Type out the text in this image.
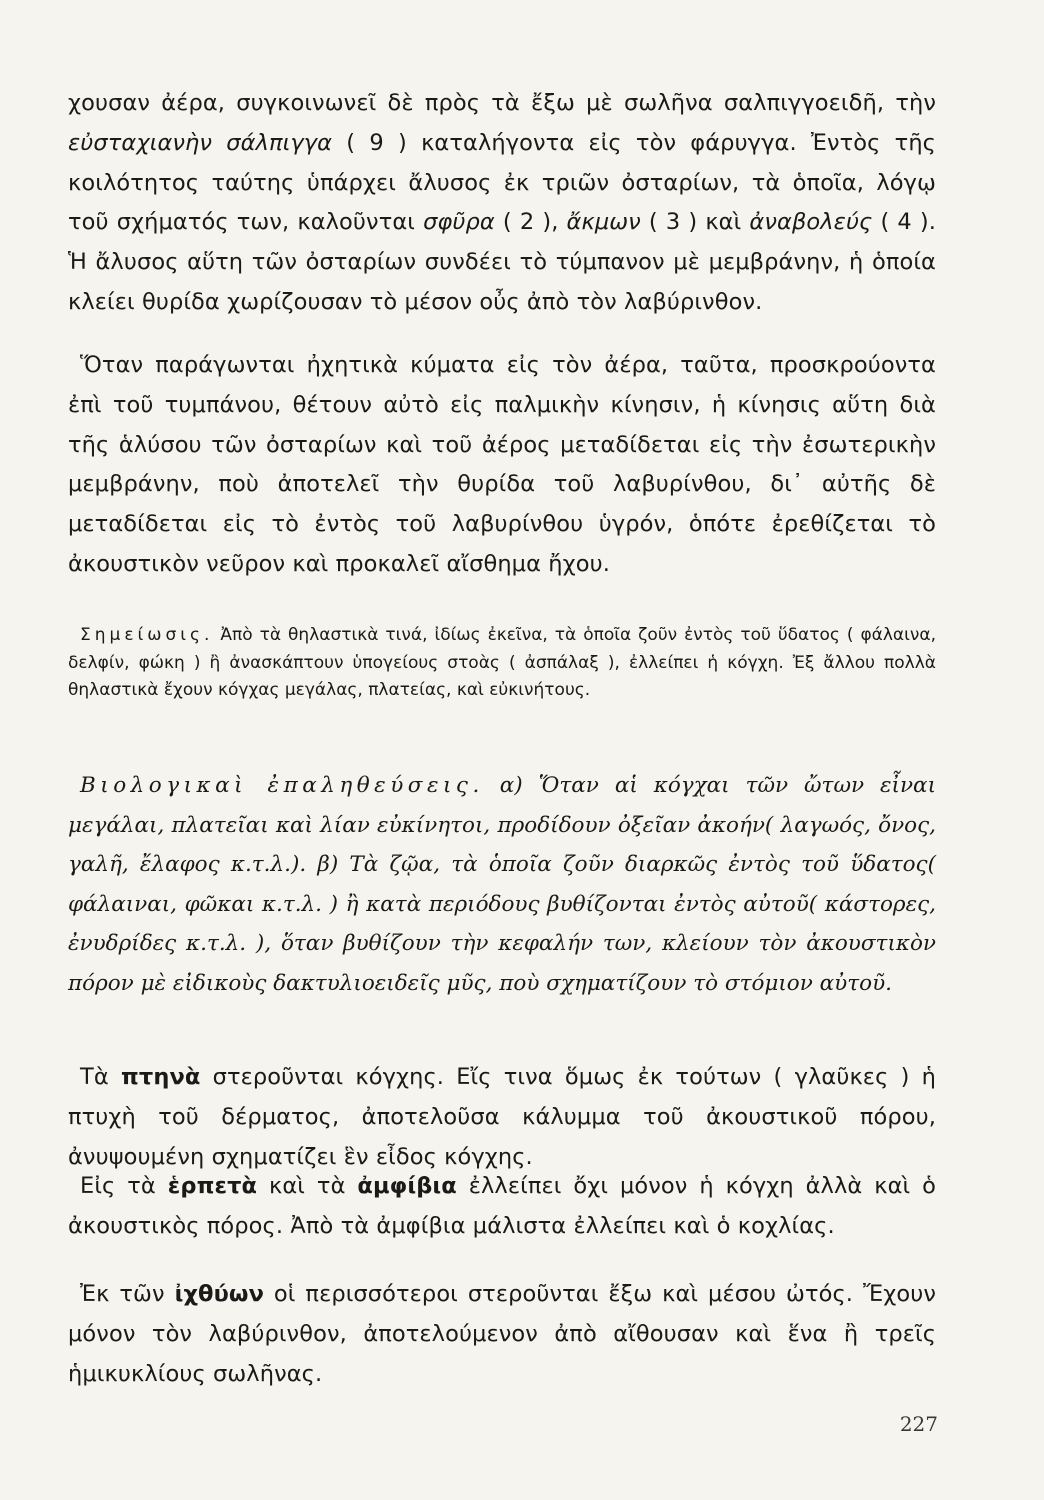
χουσαν ἀέρα, συγκοινωνεῖ δὲ πρὸς τὰ ἔξω μὲ σωλῆνα σαλπιγγοειδῆ, τὴν εὐσταχιανὴν σάλπιγγα ( 9 ) καταλήγοντα εἰς τὸν φάρυγγα. Ἐντὸς τῆς κοιλότητος ταύτης ὑπάρχει ἄλυσος ἐκ τριῶν ὀσταρίων, τὰ ὁποῖα, λόγῳ τοῦ σχήματός των, καλοῦνται σφῦρα ( 2 ), ἄκμων ( 3 ) καὶ ἀναβολεύς ( 4 ). Ἡ ἄλυσος αὕτη τῶν ὀσταρίων συνδέει τὸ τύμπανον μὲ μεμβράνην, ἡ ὁποία κλείει θυρίδα χωρίζουσαν τὸ μέσον οὖς ἀπὸ τὸν λαβύρινθον.

Ὅταν παράγωνται ἠχητικὰ κύματα εἰς τὸν ἀέρα, ταῦτα, προσκρούοντα ἐπὶ τοῦ τυμπάνου, θέτουν αὐτὸ εἰς παλμικὴν κίνησιν, ἡ κίνησις αὕτη διὰ τῆς ἁλύσου τῶν ὀσταρίων καὶ τοῦ ἀέρος μεταδίδεται εἰς τὴν ἐσωτερικὴν μεμβράνην, ποὺ ἀποτελεῖ τὴν θυρίδα τοῦ λαβυρίνθου, δι᾽ αὐτῆς δὲ μεταδίδεται εἰς τὸ ἐντὸς τοῦ λαβυρίνθου ὑγρόν, ὁπότε ἐρεθίζεται τὸ ἀκουστικὸν νεῦρον καὶ προκαλεῖ αἴσθημα ἤχου.

Σημείωσις. Ἀπὸ τὰ θηλαστικὰ τινά, ἰδίως ἐκεῖνα, τὰ ὁποῖα ζοῦν ἐντὸς τοῦ ὕδατος ( φάλαινα, δελφίν, φώκη ) ἢ ἀνασκάπτουν ὑπογείους στοὰς ( ἀσπάλαξ ), ἐλλείπει ἡ κόγχη. Ἐξ ἄλλου πολλὰ θηλαστικὰ ἔχουν κόγχας μεγάλας, πλατείας, καὶ εὐκινήτους.

Βιολογικαὶ ἐπαληθεύσεις. α) Ὅταν αἱ κόγχαι τῶν ὤτων εἶναι μεγάλαι, πλατεῖαι καὶ λίαν εὐκίνητοι, προδίδουν ὀξεῖαν ἀκοήν( λαγωός, ὄνος, γαλῆ, ἔλαφος κ.τ.λ.). β) Τὰ ζῷα, τὰ ὁποῖα ζοῦν διαρκῶς ἐντὸς τοῦ ὕδατος( φάλαιναι, φῶκαι κ.τ.λ. ) ἢ κατὰ περιόδους βυθίζονται ἐντὸς αὐτοῦ( κάστορες, ἐνυδρίδες κ.τ.λ. ), ὅταν βυθίζουν τὴν κεφαλήν των, κλείουν τὸν ἀκουστικὸν πόρον μὲ εἰδικοὺς δακτυλιοειδεῖς μῦς, ποὺ σχηματίζουν τὸ στόμιον αὐτοῦ.

Τὰ πτηνὰ στεροῦνται κόγχης. Εἴς τινα ὅμως ἐκ τούτων ( γλαῦκες ) ἡ πτυχὴ τοῦ δέρματος, ἀποτελοῦσα κάλυμμα τοῦ ἀκουστικοῦ πόρου, ἀνυψουμένη σχηματίζει ἓν εἶδος κόγχης.

Εἰς τὰ ἑρπετὰ καὶ τὰ ἀμφίβια ἐλλείπει ὄχι μόνον ἡ κόγχη ἀλλὰ καὶ ὁ ἀκουστικὸς πόρος. Ἀπὸ τὰ ἀμφίβια μάλιστα ἐλλείπει καὶ ὁ κοχλίας.

Ἐκ τῶν ἰχθύων οἱ περισσότεροι στεροῦνται ἔξω καὶ μέσου ὠτός. Ἔχουν μόνον τὸν λαβύρινθον, ἀποτελούμενον ἀπὸ αἴθουσαν καὶ ἕνα ἢ τρεῖς ἡμικυκλίους σωλῆνας.

227
